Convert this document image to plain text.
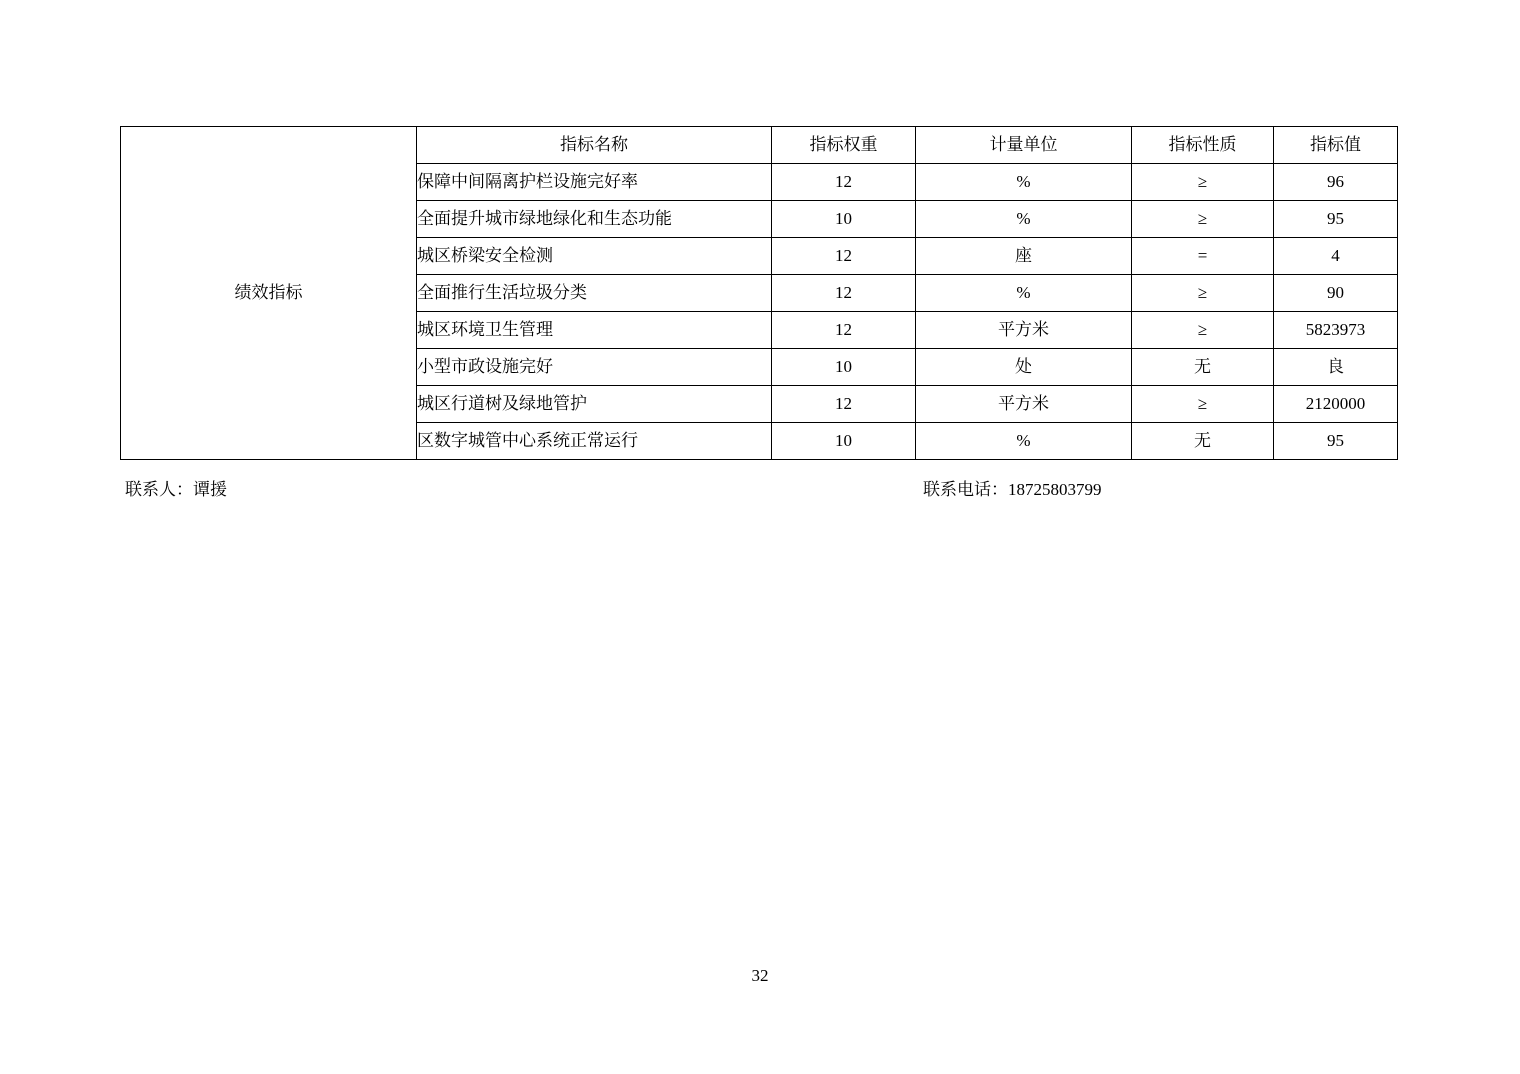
绩效指标	指标名称	指标权重	计量单位	指标性质	指标值
	保障中间隔离护栏设施完好率	12	%	≥	96
	全面提升城市绿地绿化和生态功能	10	%	≥	95
	城区桥梁安全检测	12	座	=	4
	全面推行生活垃圾分类	12	%	≥	90
	城区环境卫生管理	12	平方米	≥	5823973
	小型市政设施完好	10	处	无	良
	城区行道树及绿地管护	12	平方米	≥	2120000
	区数字城管中心系统正常运行	10	%	无	95
联系人：谭援	联系电话：18725803799
32
